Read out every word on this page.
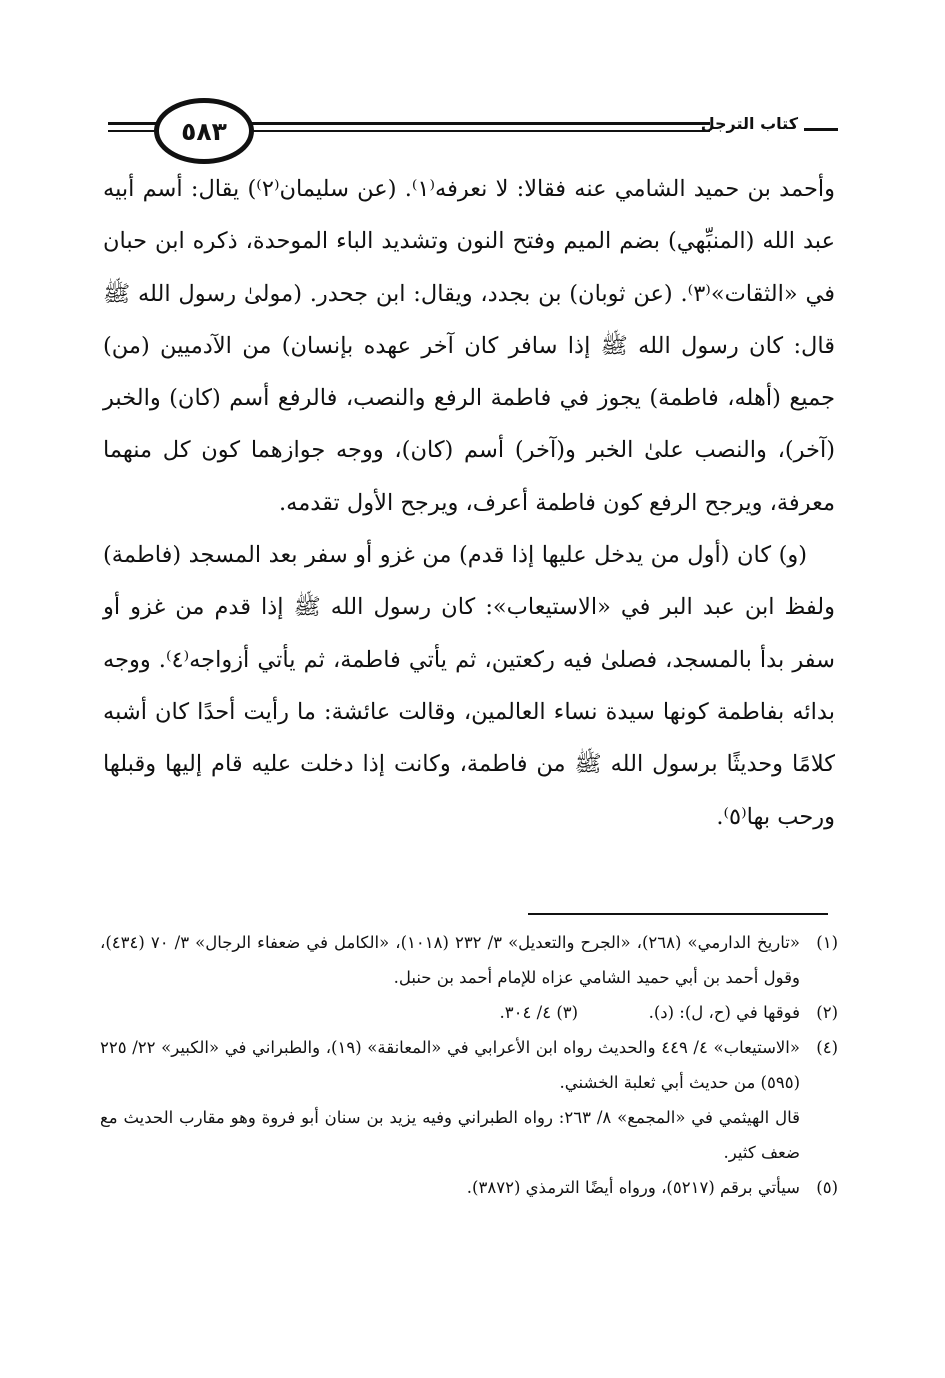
٥٨٣	كتاب الترجل

وأحمد بن حميد الشامي عنه فقالا: لا نعرفه⁽١⁾. (عن سليمان⁽٢⁾) يقال: أسم أبيه عبد الله (المنبِّهي) بضم الميم وفتح النون وتشديد الباء الموحدة، ذكره ابن حبان في «الثقات»⁽٣⁾. (عن ثوبان) بن بجدد، ويقال: ابن جحدر. (مولىٰ رسول الله ﷺ قال: كان رسول الله ﷺ إذا سافر كان آخر عهده بإنسان) من الآدميين (من) جميع (أهله، فاطمة) يجوز في فاطمة الرفع والنصب، فالرفع أسم (كان) والخبر (آخر)، والنصب علىٰ الخبر و(آخر) أسم (كان)، ووجه جوازهما كون كل منهما معرفة، ويرجح الرفع كون فاطمة أعرف، ويرجح الأول تقدمه.

(و) كان (أول من يدخل عليها إذا قدم) من غزو أو سفر بعد المسجد (فاطمة) ولفظ ابن عبد البر في «الاستيعاب»: كان رسول الله ﷺ إذا قدم من غزو أو سفر بدأ بالمسجد، فصلىٰ فيه ركعتين، ثم يأتي فاطمة، ثم يأتي أزواجه⁽٤⁾. ووجه بدائه بفاطمة كونها سيدة نساء العالمين، وقالت عائشة: ما رأيت أحدًا كان أشبه كلامًا وحديثًا برسول الله ﷺ من فاطمة، وكانت إذا دخلت عليه قام إليها وقبلها ورحب بها⁽٥⁾.

(١)
«تاريخ الدارمي» (٢٦٨)، «الجرح والتعديل» ٣/ ٢٣٢ (١٠١٨)، «الكامل في ضعفاء الرجال» ٣/ ٧٠ (٤٣٤)، وقول أحمد بن أبي حميد الشامي عزاه للإمام أحمد بن حنبل.
(٢)
فوقها في (ح، ل): (د).  (٣) ٤/ ٣٠٤.
(٤)
«الاستيعاب» ٤/ ٤٤٩ والحديث رواه ابن الأعرابي في «المعانقة» (١٩)، والطبراني في «الكبير» ٢٢/ ٢٢٥ (٥٩٥) من حديث أبي ثعلبة الخشني.
قال الهيثمي في «المجمع» ٨/ ٢٦٣: رواه الطبراني وفيه يزيد بن سنان أبو فروة وهو مقارب الحديث مع ضعف كثير.
(٥)
سيأتي برقم (٥٢١٧)، ورواه أيضًا الترمذي (٣٨٧٢).
